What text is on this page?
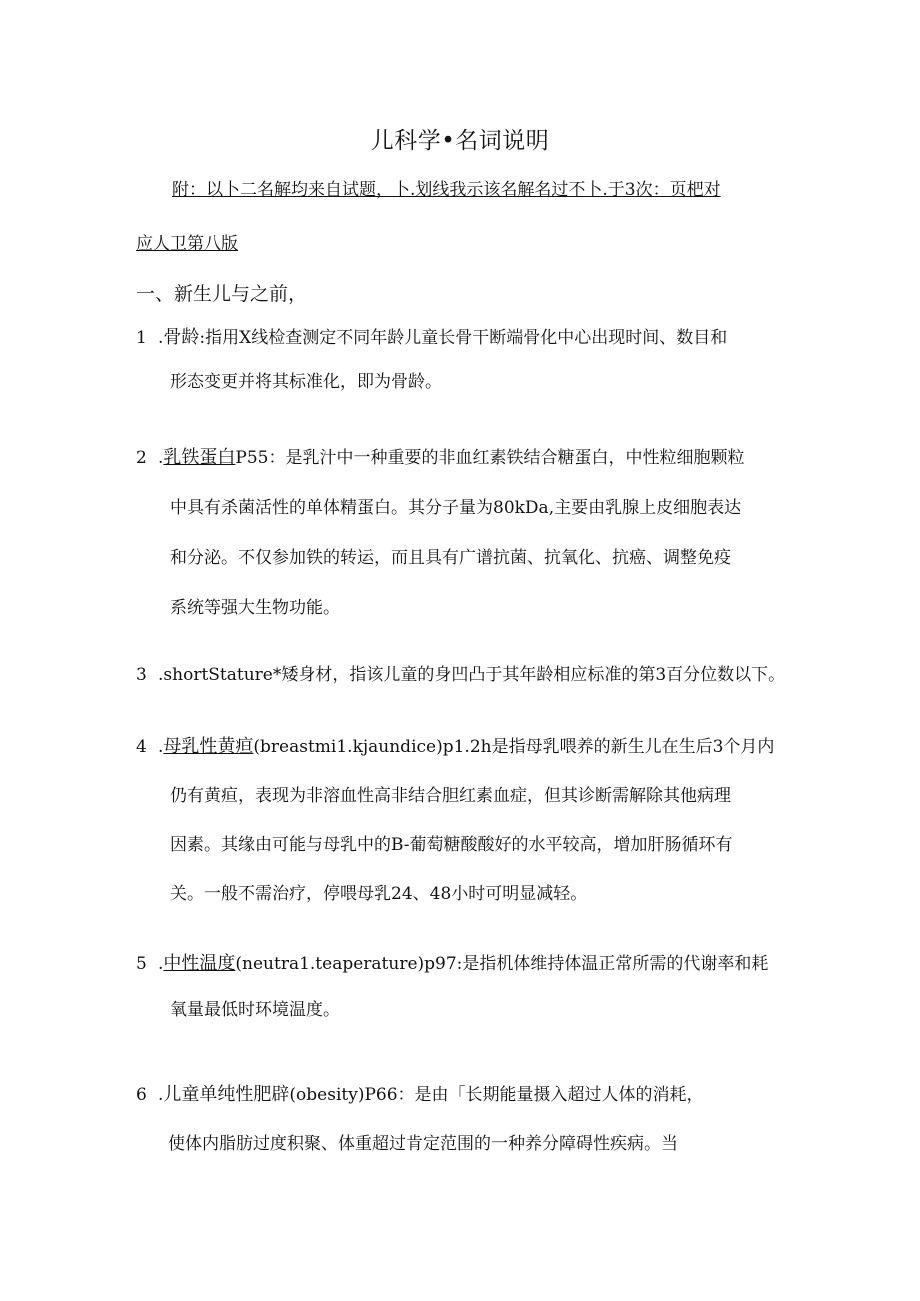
儿科学•名词说明
附：以卜二名解均来自试题，卜.划线我示该名解名过不卜.于3次：页杷对
应人卫第八版
一、新生儿与之前，
1 .骨龄:指用X线检查测定不同年龄儿童长骨干断端骨化中心出现时间、数目和
形态变更并将其标准化，即为骨龄。
2 .乳铁蛋白P55：是乳汁中一种重要的非血红素铁结合糖蛋白，中性粒细胞颗粒
中具有杀菌活性的单体精蛋白。其分子量为80kDa,主要由乳腺上皮细胞表达
和分泌。不仅参加铁的转运，而且具有广谱抗菌、抗氧化、抗癌、调整免疫
系统等强大生物功能。
3 .shortStature*矮身材，指该儿童的身凹凸于其年龄相应标准的第3百分位数以下。
4 .母乳性黄疸(breastmi1.kjaundice)p1.2h是指母乳喂养的新生儿在生后3个月内
仍有黄疸，表现为非溶血性高非结合胆红素血症，但其诊断需解除其他病理
因素。其缘由可能与母乳中的B-葡萄糖酸酸好的水平较高，增加肝肠循环有
关。一般不需治疗，停喂母乳24、48小时可明显减轻。
5 .中性温度(neutra1.teaperature)p97:是指机体维持体温正常所需的代谢率和耗
氧量最低时环境温度。
6 .儿童单纯性肥辟(obesity)P66：是由「长期能量摄入超过人体的消耗，
使体内脂肪过度积聚、体重超过肯定范围的一种养分障碍性疾病。当
